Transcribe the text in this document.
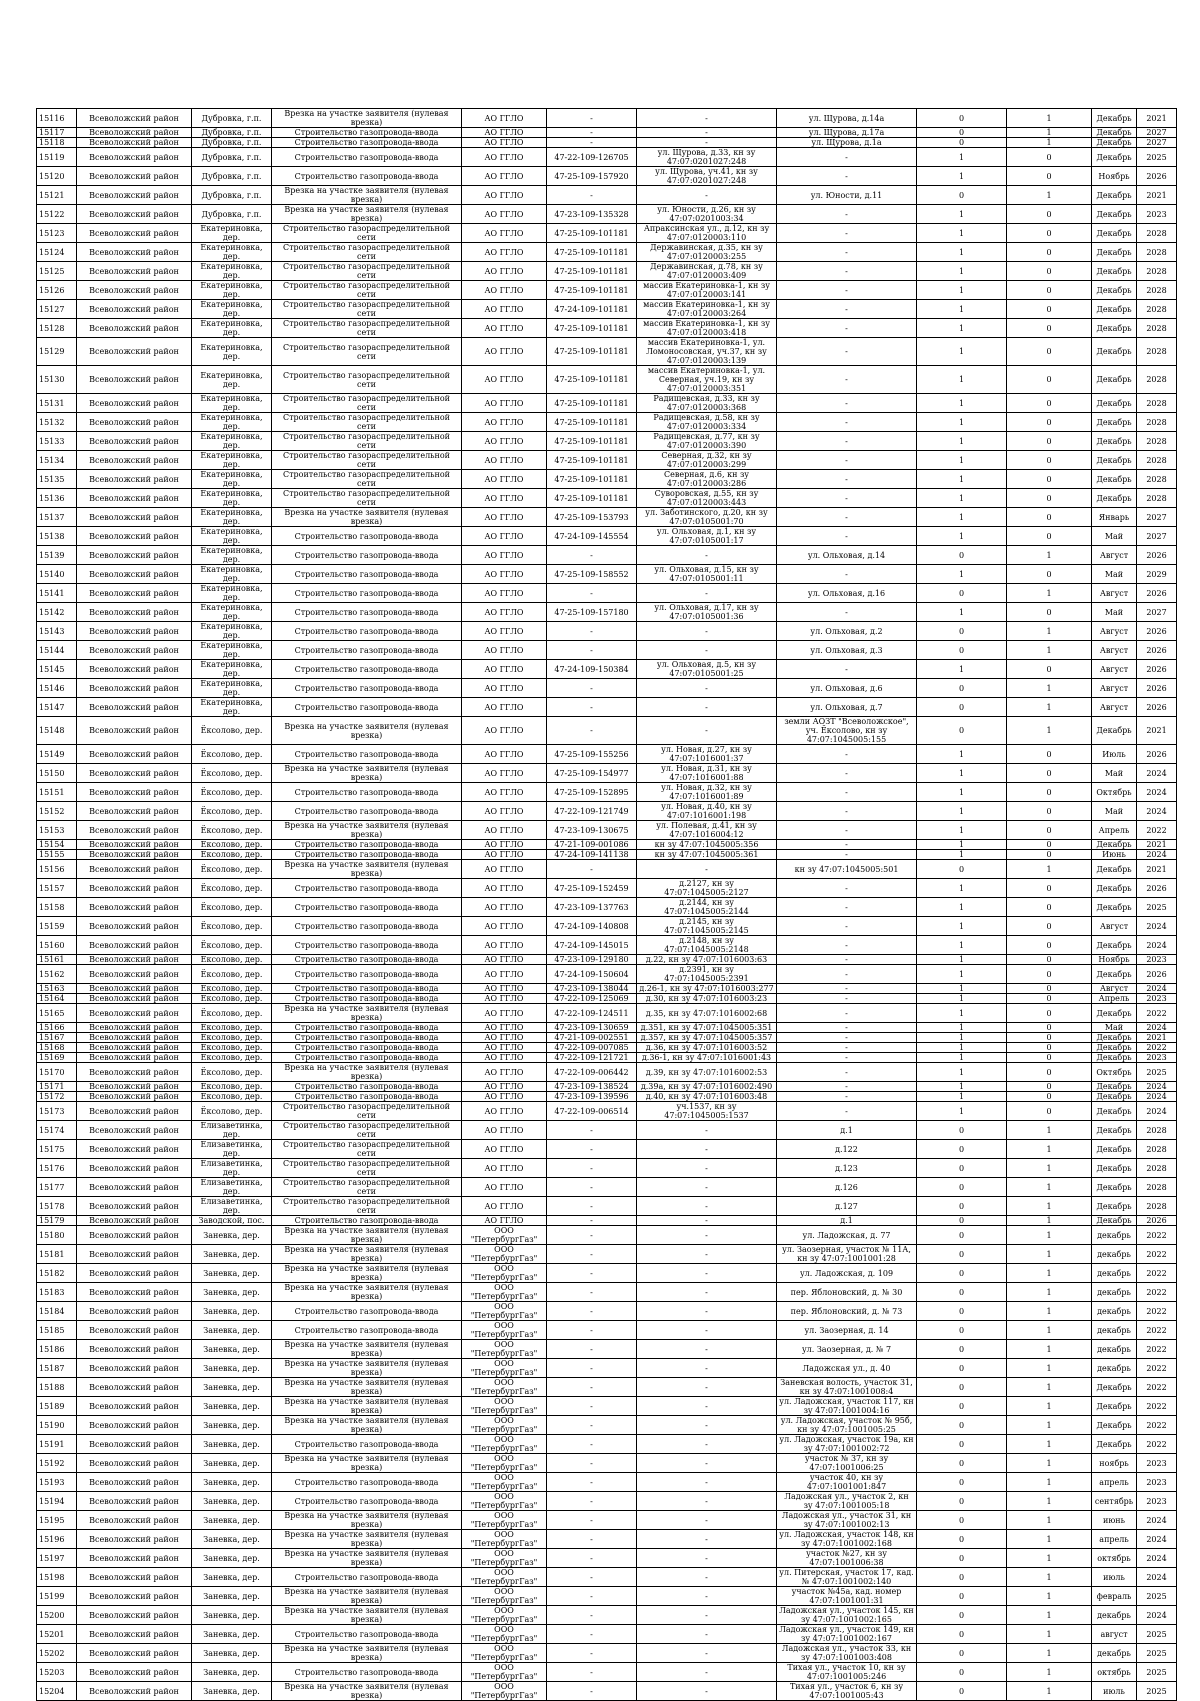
15116	Всеволожский район	Дубровка, г.п.	Врезка на участке заявителя (нулевая врезка)	АО ГГЛО	-	-	ул. Щурова, д.14а	0	1	Декабрь	2021
15117	Всеволожский район	Дубровка, г.п.	Строительство газопровода-ввода	АО ГГЛО	-	-	ул. Щурова, д.17а	0	1	Декабрь	2027
15118	Всеволожский район	Дубровка, г.п.	Строительство газопровода-ввода	АО ГГЛО	-	-	ул. Щурова, д.1а	0	1	Декабрь	2027
15119	Всеволожский район	Дубровка, г.п.	Строительство газопровода-ввода	АО ГГЛО	47-22-109-126705	ул. Щурова, д.33, кн зу 47:07:0201027:248	-	1	0	Декабрь	2025
15120	Всеволожский район	Дубровка, г.п.	Строительство газопровода-ввода	АО ГГЛО	47-25-109-157920	ул. Щурова, уч.41, кн зу 47:07:0201027:248	-	1	0	Ноябрь	2026
15121	Всеволожский район	Дубровка, г.п.	Врезка на участке заявителя (нулевая врезка)	АО ГГЛО	-	-	ул. Юности, д.11	0	1	Декабрь	2021
15122	Всеволожский район	Дубровка, г.п.	Врезка на участке заявителя (нулевая врезка)	АО ГГЛО	47-23-109-135328	ул. Юности, д.26, кн зу 47:07:0201003:34	-	1	0	Декабрь	2023
15123	Всеволожский район	Екатериновка, дер.	Строительство газораспределительной сети	АО ГГЛО	47-25-109-101181	Апраксинская ул., д.12, кн зу 47:07:0120003:110	-	1	0	Декабрь	2028
15124	Всеволожский район	Екатериновка, дер.	Строительство газораспределительной сети	АО ГГЛО	47-25-109-101181	Державинская, д.35, кн зу 47:07:0120003:255	-	1	0	Декабрь	2028
15125	Всеволожский район	Екатериновка, дер.	Строительство газораспределительной сети	АО ГГЛО	47-25-109-101181	Державинская, д.78, кн зу 47:07:0120003:409	-	1	0	Декабрь	2028
15126	Всеволожский район	Екатериновка, дер.	Строительство газораспределительной сети	АО ГГЛО	47-25-109-101181	массив Екатериновка-1, кн зу 47:07:0120003:141	-	1	0	Декабрь	2028
15127	Всеволожский район	Екатериновка, дер.	Строительство газораспределительной сети	АО ГГЛО	47-24-109-101181	массив Екатериновка-1, кн зу 47:07:0120003:264	-	1	0	Декабрь	2028
15128	Всеволожский район	Екатериновка, дер.	Строительство газораспределительной сети	АО ГГЛО	47-25-109-101181	массив Екатериновка-1, кн зу 47:07:0120003:418	-	1	0	Декабрь	2028
15129	Всеволожский район	Екатериновка, дер.	Строительство газораспределительной сети	АО ГГЛО	47-25-109-101181	массив Екатериновка-1, ул. Ломоносовская, уч.37, кн зу 47:07:0120003:139	-	1	0	Декабрь	2028
15130	Всеволожский район	Екатериновка, дер.	Строительство газораспределительной сети	АО ГГЛО	47-25-109-101181	массив Екатериновка-1, ул. Северная, уч.19, кн зу 47:07:0120003:351	-	1	0	Декабрь	2028
15131	Всеволожский район	Екатериновка, дер.	Строительство газораспределительной сети	АО ГГЛО	47-25-109-101181	Радищевская, д.33, кн зу 47:07:0120003:368	-	1	0	Декабрь	2028
15132	Всеволожский район	Екатериновка, дер.	Строительство газораспределительной сети	АО ГГЛО	47-25-109-101181	Радищевская, д.58, кн зу 47:07:0120003:334	-	1	0	Декабрь	2028
15133	Всеволожский район	Екатериновка, дер.	Строительство газораспределительной сети	АО ГГЛО	47-25-109-101181	Радищевская, д.77, кн зу 47:07:0120003:390	-	1	0	Декабрь	2028
15134	Всеволожский район	Екатериновка, дер.	Строительство газораспределительной сети	АО ГГЛО	47-25-109-101181	Северная, д.32, кн зу 47:07:0120003:299	-	1	0	Декабрь	2028
15135	Всеволожский район	Екатериновка, дер.	Строительство газораспределительной сети	АО ГГЛО	47-25-109-101181	Северная, д.6, кн зу 47:07:0120003:286	-	1	0	Декабрь	2028
15136	Всеволожский район	Екатериновка, дер.	Строительство газораспределительной сети	АО ГГЛО	47-25-109-101181	Суворовская, д.55, кн зу 47:07:0120003:443	-	1	0	Декабрь	2028
15137	Всеволожский район	Екатериновка, дер.	Врезка на участке заявителя (нулевая врезка)	АО ГГЛО	47-25-109-153793	ул. Заботинского, д.20, кн зу 47:07:0105001:70	-	1	0	Январь	2027
15138	Всеволожский район	Екатериновка, дер.	Строительство газопровода-ввода	АО ГГЛО	47-24-109-145554	ул. Ольховая, д.1, кн зу 47:07:0105001:17	-	1	0	Май	2027
15139	Всеволожский район	Екатериновка, дер.	Строительство газопровода-ввода	АО ГГЛО	-	-	ул. Ольховая, д.14	0	1	Август	2026
15140	Всеволожский район	Екатериновка, дер.	Строительство газопровода-ввода	АО ГГЛО	47-25-109-158552	ул. Ольховая, д.15, кн зу 47:07:0105001:11	-	1	0	Май	2029
15141	Всеволожский район	Екатериновка, дер.	Строительство газопровода-ввода	АО ГГЛО	-	-	ул. Ольховая, д.16	0	1	Август	2026
15142	Всеволожский район	Екатериновка, дер.	Строительство газопровода-ввода	АО ГГЛО	47-25-109-157180	ул. Ольховая, д.17, кн зу 47:07:0105001:36	-	1	0	Май	2027
15143	Всеволожский район	Екатериновка, дер.	Строительство газопровода-ввода	АО ГГЛО	-	-	ул. Ольховая, д.2	0	1	Август	2026
15144	Всеволожский район	Екатериновка, дер.	Строительство газопровода-ввода	АО ГГЛО	-	-	ул. Ольховая, д.3	0	1	Август	2026
15145	Всеволожский район	Екатериновка, дер.	Строительство газопровода-ввода	АО ГГЛО	47-24-109-150384	ул. Ольховая, д.5, кн зу 47:07:0105001:25	-	1	0	Август	2026
15146	Всеволожский район	Екатериновка, дер.	Строительство газопровода-ввода	АО ГГЛО	-	-	ул. Ольховая, д.6	0	1	Август	2026
15147	Всеволожский район	Екатериновка, дер.	Строительство газопровода-ввода	АО ГГЛО	-	-	ул. Ольховая, д.7	0	1	Август	2026
15148	Всеволожский район	Ёксолово, дер.	Врезка на участке заявителя (нулевая врезка)	АО ГГЛО	-	-	земли АОЗТ "Всеволожское", уч. Ёксолово, кн зу 47:07:1045005:155	0	1	Декабрь	2021
15149	Всеволожский район	Ёксолово, дер.	Строительство газопровода-ввода	АО ГГЛО	47-25-109-155256	ул. Новая, д.27, кн зу 47:07:1016001:37	-	1	0	Июль	2026
15150	Всеволожский район	Ёксолово, дер.	Врезка на участке заявителя (нулевая врезка)	АО ГГЛО	47-25-109-154977	ул. Новая, д.31, кн зу 47:07:1016001:88	-	1	0	Май	2024
15151	Всеволожский район	Ёксолово, дер.	Строительство газопровода-ввода	АО ГГЛО	47-25-109-152895	ул. Новая, д.32, кн зу 47:07:1016001:89	-	1	0	Октябрь	2024
15152	Всеволожский район	Ёксолово, дер.	Строительство газопровода-ввода	АО ГГЛО	47-22-109-121749	ул. Новая, д.40, кн зу 47:07:1016001:198	-	1	0	Май	2024
15153	Всеволожский район	Ёксолово, дер.	Врезка на участке заявителя (нулевая врезка)	АО ГГЛО	47-23-109-130675	ул. Полевая, д.41, кн зу 47:07:1016004:12	-	1	0	Апрель	2022
15154	Всеволожский район	Ёксолово, дер.	Строительство газопровода-ввода	АО ГГЛО	47-21-109-001086	кн зу 47:07:1045005:356	-	1	0	Декабрь	2021
15155	Всеволожский район	Ёксолово, дер.	Строительство газопровода-ввода	АО ГГЛО	47-24-109-141138	кн зу 47:07:1045005:361	-	1	0	Июнь	2024
15156	Всеволожский район	Ёксолово, дер.	Врезка на участке заявителя (нулевая врезка)	АО ГГЛО	-	-	кн зу 47:07:1045005:501	0	1	Декабрь	2021
15157	Всеволожский район	Ёксолово, дер.	Строительство газопровода-ввода	АО ГГЛО	47-25-109-152459	д.2127, кн зу 47:07:1045005:2127	-	1	0	Декабрь	2026
15158	Всеволожский район	Ёксолово, дер.	Строительство газопровода-ввода	АО ГГЛО	47-23-109-137763	д.2144, кн зу 47:07:1045005:2144	-	1	0	Декабрь	2025
15159	Всеволожский район	Ёксолово, дер.	Строительство газопровода-ввода	АО ГГЛО	47-24-109-140808	д.2145, кн зу 47:07:1045005:2145	-	1	0	Август	2024
15160	Всеволожский район	Ёксолово, дер.	Строительство газопровода-ввода	АО ГГЛО	47-24-109-145015	д.2148, кн зу 47:07:1045005:2148	-	1	0	Декабрь	2024
15161	Всеволожский район	Ёксолово, дер.	Строительство газопровода-ввода	АО ГГЛО	47-23-109-129180	д.22, кн зу 47:07:1016003:63	-	1	0	Ноябрь	2023
15162	Всеволожский район	Ёксолово, дер.	Строительство газопровода-ввода	АО ГГЛО	47-24-109-150604	д.2391, кн зу 47:07:1045005:2391	-	1	0	Декабрь	2026
15163	Всеволожский район	Ёксолово, дер.	Строительство газопровода-ввода	АО ГГЛО	47-23-109-138044	д.26-1, кн зу 47:07:1016003:277	-	1	0	Август	2024
15164	Всеволожский район	Ёксолово, дер.	Строительство газопровода-ввода	АО ГГЛО	47-22-109-125069	д.30, кн зу 47:07:1016003:23	-	1	0	Апрель	2023
15165	Всеволожский район	Ёксолово, дер.	Врезка на участке заявителя (нулевая врезка)	АО ГГЛО	47-22-109-124511	д.35, кн зу 47:07:1016002:68	-	1	0	Декабрь	2022
15166	Всеволожский район	Ёксолово, дер.	Строительство газопровода-ввода	АО ГГЛО	47-23-109-130659	д.351, кн зу 47:07:1045005:351	-	1	0	Май	2024
15167	Всеволожский район	Ёксолово, дер.	Строительство газопровода-ввода	АО ГГЛО	47-21-109-002551	д.357, кн зу 47:07:1045005:357	-	1	0	Декабрь	2021
15168	Всеволожский район	Ёксолово, дер.	Строительство газопровода-ввода	АО ГГЛО	47-22-109-007085	д.36, кн зу 47:07:1016003:52	-	1	0	Декабрь	2022
15169	Всеволожский район	Ёксолово, дер.	Строительство газопровода-ввода	АО ГГЛО	47-22-109-121721	д.36-1, кн зу 47:07:1016001:43	-	1	0	Декабрь	2023
15170	Всеволожский район	Ёксолово, дер.	Врезка на участке заявителя (нулевая врезка)	АО ГГЛО	47-22-109-006442	д.39, кн зу 47:07:1016002:53	-	1	0	Октябрь	2025
15171	Всеволожский район	Ёксолово, дер.	Строительство газопровода-ввода	АО ГГЛО	47-23-109-138524	д.39а, кн зу 47:07:1016002:490	-	1	0	Декабрь	2024
15172	Всеволожский район	Ёксолово, дер.	Строительство газопровода-ввода	АО ГГЛО	47-23-109-139596	д.40, кн зу 47:07:1016003:48	-	1	0	Декабрь	2024
15173	Всеволожский район	Ёксолово, дер.	Строительство газораспределительной сети	АО ГГЛО	47-22-109-006514	уч.1537, кн зу 47:07:1045005:1537	-	1	0	Декабрь	2024
15174	Всеволожский район	Елизаветинка, дер.	Строительство газораспределительной сети	АО ГГЛО	-	-	д.1	0	1	Декабрь	2028
15175	Всеволожский район	Елизаветинка, дер.	Строительство газораспределительной сети	АО ГГЛО	-	-	д.122	0	1	Декабрь	2028
15176	Всеволожский район	Елизаветинка, дер.	Строительство газораспределительной сети	АО ГГЛО	-	-	д.123	0	1	Декабрь	2028
15177	Всеволожский район	Елизаветинка, дер.	Строительство газораспределительной сети	АО ГГЛО	-	-	д.126	0	1	Декабрь	2028
15178	Всеволожский район	Елизаветинка, дер.	Строительство газораспределительной сети	АО ГГЛО	-	-	д.127	0	1	Декабрь	2028
15179	Всеволожский район	Заводской, пос.	Строительство газопровода-ввода	АО ГГЛО	-	-	д.1	0	1	Декабрь	2026
15180	Всеволожский район	Заневка, дер.	Врезка на участке заявителя (нулевая врезка)	ООО "ПетербургГаз"	-	-	ул. Ладожская, д. 77	0	1	декабрь	2022
15181	Всеволожский район	Заневка, дер.	Врезка на участке заявителя (нулевая врезка)	ООО "ПетербургГаз"	-	-	ул. Заозерная, участок № 11А, кн зу 47:07:1001001:28	0	1	декабрь	2022
15182	Всеволожский район	Заневка, дер.	Врезка на участке заявителя (нулевая врезка)	ООО "ПетербургГаз"	-	-	ул. Ладожская, д. 109	0	1	декабрь	2022
15183	Всеволожский район	Заневка, дер.	Врезка на участке заявителя (нулевая врезка)	ООО "ПетербургГаз"	-	-	пер. Яблоновский, д. № 30	0	1	декабрь	2022
15184	Всеволожский район	Заневка, дер.	Строительство газопровода-ввода	ООО "ПетербургГаз"	-	-	пер. Яблоновский, д. № 73	0	1	декабрь	2022
15185	Всеволожский район	Заневка, дер.	Строительство газопровода-ввода	ООО "ПетербургГаз"	-	-	ул. Заозерная, д. 14	0	1	декабрь	2022
15186	Всеволожский район	Заневка, дер.	Врезка на участке заявителя (нулевая врезка)	ООО "ПетербургГаз"	-	-	ул. Заозерная, д. № 7	0	1	декабрь	2022
15187	Всеволожский район	Заневка, дер.	Врезка на участке заявителя (нулевая врезка)	ООО "ПетербургГаз"	-	-	Ладожская ул., д. 40	0	1	декабрь	2022
15188	Всеволожский район	Заневка, дер.	Врезка на участке заявителя (нулевая врезка)	ООО "ПетербургГаз"	-	-	Заневская волость, участок 31, кн зу 47:07:1001008:4	0	1	Декабрь	2022
15189	Всеволожский район	Заневка, дер.	Врезка на участке заявителя (нулевая врезка)	ООО "ПетербургГаз"	-	-	ул. Ладожская, участок 117, кн зу 47:07:1001004:16	0	1	Декабрь	2022
15190	Всеволожский район	Заневка, дер.	Врезка на участке заявителя (нулевая врезка)	ООО "ПетербургГаз"	-	-	ул. Ладожская, участок № 95б, кн зу 47:07:1001005:25	0	1	Декабрь	2022
15191	Всеволожский район	Заневка, дер.	Строительство газопровода-ввода	ООО "ПетербургГаз"	-	-	ул. Ладожская, участок 19а, кн зу 47:07:1001002:72	0	1	Декабрь	2022
15192	Всеволожский район	Заневка, дер.	Врезка на участке заявителя (нулевая врезка)	ООО "ПетербургГаз"	-	-	участок № 37, кн зу 47:07:1001006:25	0	1	ноябрь	2023
15193	Всеволожский район	Заневка, дер.	Строительство газопровода-ввода	ООО "ПетербургГаз"	-	-	участок 40, кн зу 47:07:1001001:847	0	1	апрель	2023
15194	Всеволожский район	Заневка, дер.	Строительство газопровода-ввода	ООО "ПетербургГаз"	-	-	Ладожская ул., участок 2, кн зу 47:07:1001005:18	0	1	сентябрь	2023
15195	Всеволожский район	Заневка, дер.	Врезка на участке заявителя (нулевая врезка)	ООО "ПетербургГаз"	-	-	Ладожская ул., участок 31, кн зу 47:07:1001002:13	0	1	июнь	2024
15196	Всеволожский район	Заневка, дер.	Врезка на участке заявителя (нулевая врезка)	ООО "ПетербургГаз"	-	-	ул. Ладожская, участок 148, кн зу 47:07:1001002:168	0	1	апрель	2024
15197	Всеволожский район	Заневка, дер.	Врезка на участке заявителя (нулевая врезка)	ООО "ПетербургГаз"	-	-	участок №27, кн зу 47:07:1001006:38	0	1	октябрь	2024
15198	Всеволожский район	Заневка, дер.	Строительство газопровода-ввода	ООО "ПетербургГаз"	-	-	ул. Питерская, участок 17, кад.№ 47:07:1001002:140	0	1	июль	2024
15199	Всеволожский район	Заневка, дер.	Врезка на участке заявителя (нулевая врезка)	ООО "ПетербургГаз"	-	-	участок №45а, кад. номер 47:07:1001001:31	0	1	февраль	2025
15200	Всеволожский район	Заневка, дер.	Врезка на участке заявителя (нулевая врезка)	ООО "ПетербургГаз"	-	-	Ладожская ул., участок 145, кн зу 47:07:1001002:165	0	1	декабрь	2024
15201	Всеволожский район	Заневка, дер.	Строительство газопровода-ввода	ООО "ПетербургГаз"	-	-	Ладожская ул., участок 149, кн зу 47:07:1001002:167	0	1	август	2025
15202	Всеволожский район	Заневка, дер.	Врезка на участке заявителя (нулевая врезка)	ООО "ПетербургГаз"	-	-	Ладожская ул., участок 33, кн зу 47:07:1001003:408	0	1	декабрь	2025
15203	Всеволожский район	Заневка, дер.	Строительство газопровода-ввода	ООО "ПетербургГаз"	-	-	Тихая ул., участок 10, кн зу 47:07:1001005:246	0	1	октябрь	2025
15204	Всеволожский район	Заневка, дер.	Врезка на участке заявителя (нулевая врезка)	ООО "ПетербургГаз"	-	-	Тихая ул., участок 6, кн зу 47:07:1001005:43	0	1	июль	2025
